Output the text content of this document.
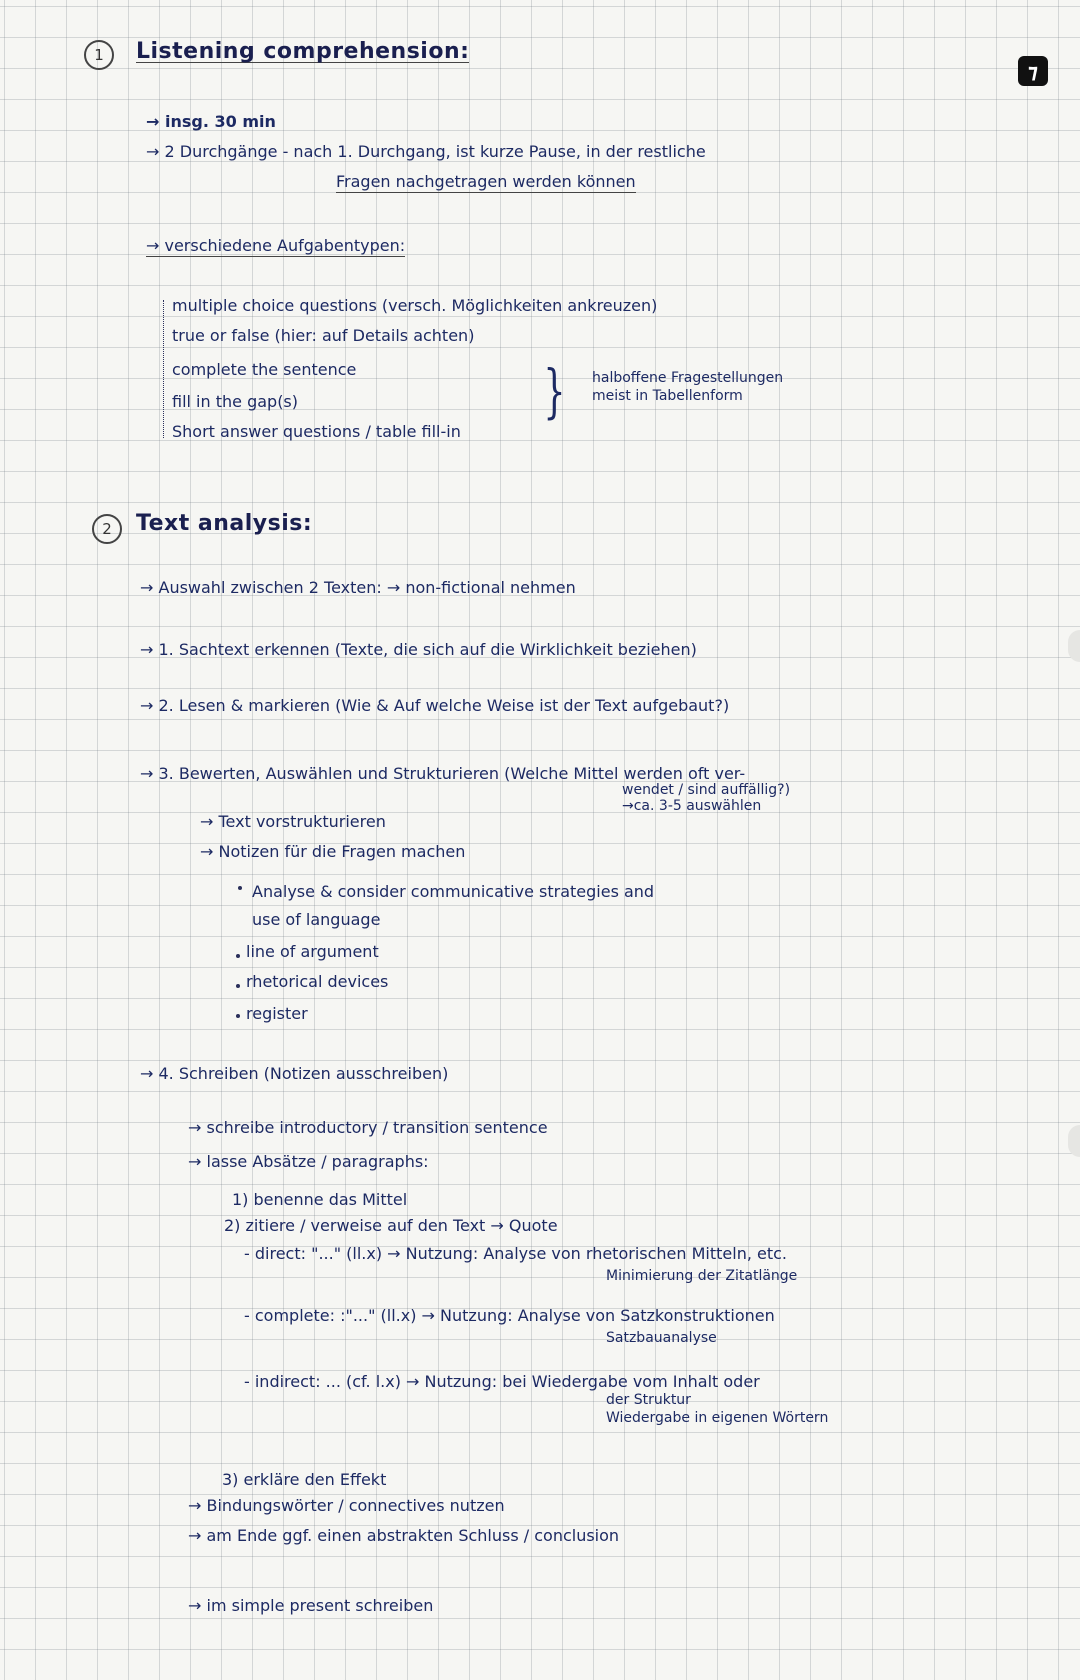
⁊
1	Listening comprehension:
→ insg. 30 min
→ 2 Durchgänge - nach 1. Durchgang, ist kurze Pause, in der restliche
Fragen nachgetragen werden können
→ verschiedene Aufgabentypen:
multiple choice questions (versch. Möglichkeiten ankreuzen)
true or false (hier: auf Details achten)
complete the sentence
fill in the gap(s)
Short answer questions / table fill-in
} halboffene Fragestellungen
meist in Tabellenform
2	Text analysis:
→ Auswahl zwischen 2 Texten: → non-fictional nehmen
→ 1. Sachtext erkennen (Texte, die sich auf die Wirklichkeit beziehen)
→ 2. Lesen & markieren (Wie & Auf welche Weise ist der Text aufgebaut?)
→ 3. Bewerten, Auswählen und Strukturieren (Welche Mittel werden oft ver-
wendet / sind auffällig?)
→ca. 3-5 auswählen
→ Text vorstrukturieren
→ Notizen für die Fragen machen
Analyse & consider communicative strategies and
use of language
line of argument
rhetorical devices
register
→ 4. Schreiben (Notizen ausschreiben)
→ schreibe introductory / transition sentence
→ lasse Absätze / paragraphs:
1) benenne das Mittel
2) zitiere / verweise auf den Text → Quote
- direct: "..." (ll.x) → Nutzung: Analyse von rhetorischen Mitteln, etc.
Minimierung der Zitatlänge
- complete: :"..." (ll.x) → Nutzung: Analyse von Satzkonstruktionen
Satzbauanalyse
- indirect: ... (cf. l.x) → Nutzung: bei Wiedergabe vom Inhalt oder
der Struktur
Wiedergabe in eigenen Wörtern
3) erkläre den Effekt
→ Bindungswörter / connectives nutzen
→ am Ende ggf. einen abstrakten Schluss / conclusion
→ im simple present schreiben
